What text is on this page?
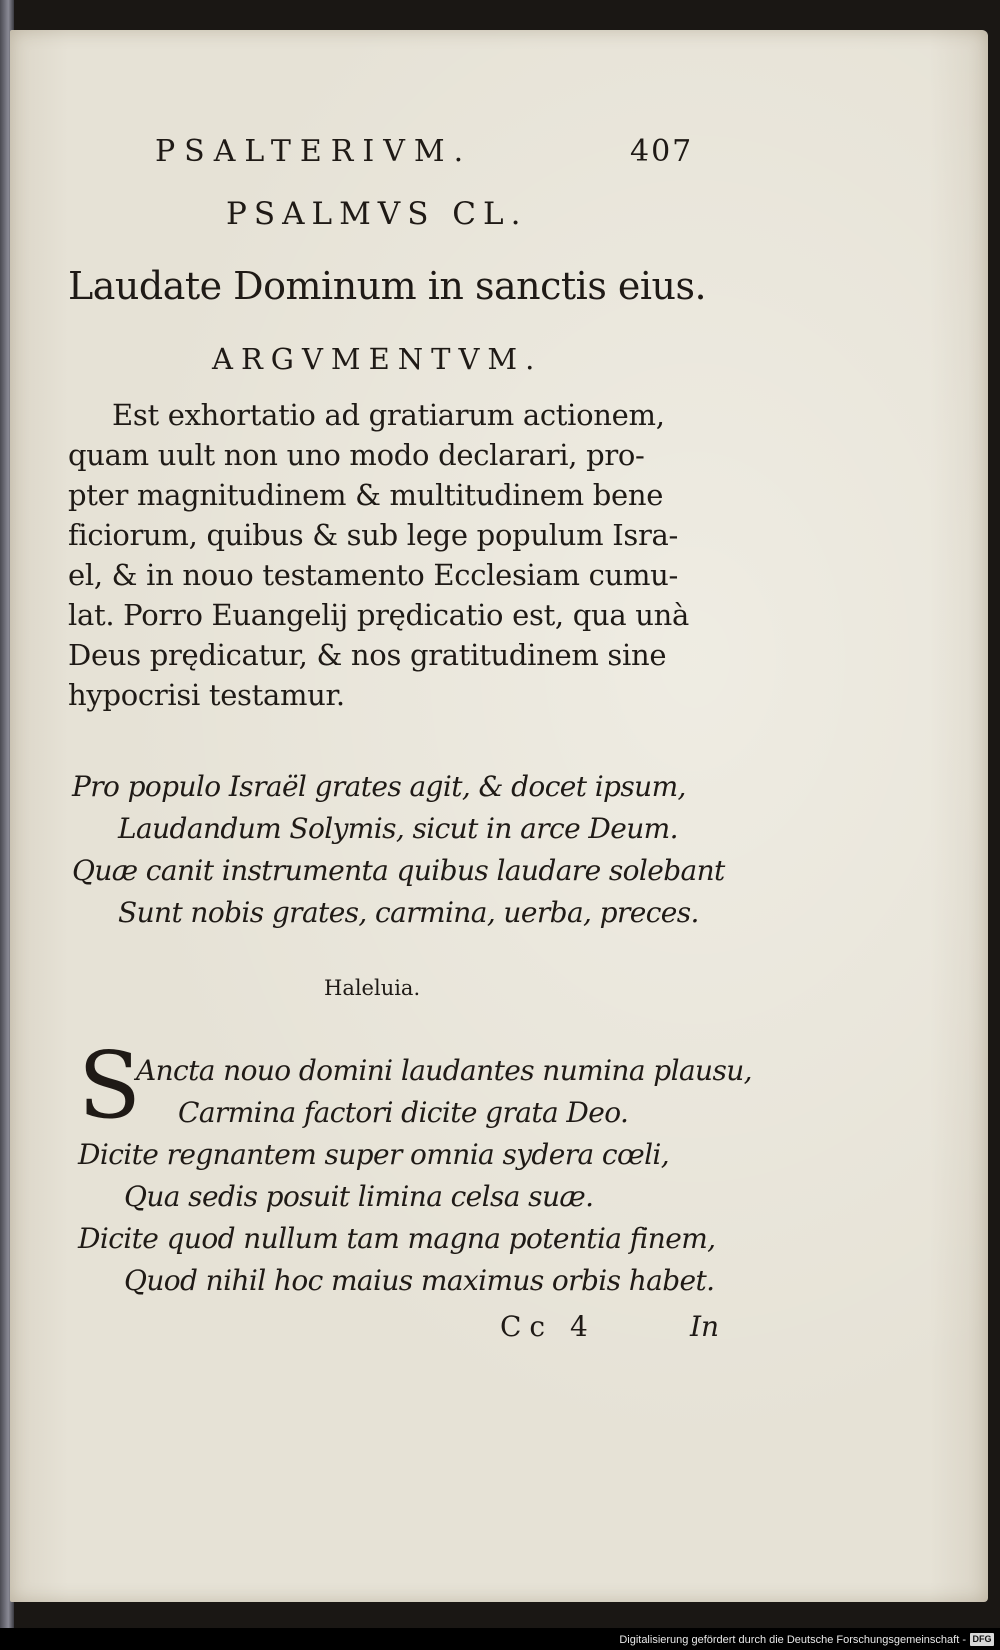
PSALTERIVM.	407
PSALMVS CL.
Laudate Dominum in sanctis eius.
ARGVMENTVM.
Est exhortatio ad gratiarum actionem,
quam uult non uno modo declarari, pro-
pter magnitudinem & multitudinem bene
ficiorum, quibus & sub lege populum Isra-
el, & in nouo testamento Ecclesiam cumu-
lat. Porro Euangelij prędicatio est, qua unà
Deus prędicatur, & nos gratitudinem sine
hypocrisi testamur.
Pro populo Israël grates agit, & docet ipsum,
Laudandum Solymis, sicut in arce Deum.
Quæ canit instrumenta quibus laudare solebant
Sunt nobis grates, carmina, uerba, preces.
Haleluia.
S
Ancta nouo domini laudantes numina plausu,
Carmina factori dicite grata Deo.
Dicite regnantem super omnia sydera cœli,
Qua sedis posuit limina celsa suæ.
Dicite quod nullum tam magna potentia finem,
Quod nihil hoc maius maximus orbis habet.
Cc 4	In
Digitalisierung gefördert durch die Deutsche Forschungsgemeinschaft - DFG
